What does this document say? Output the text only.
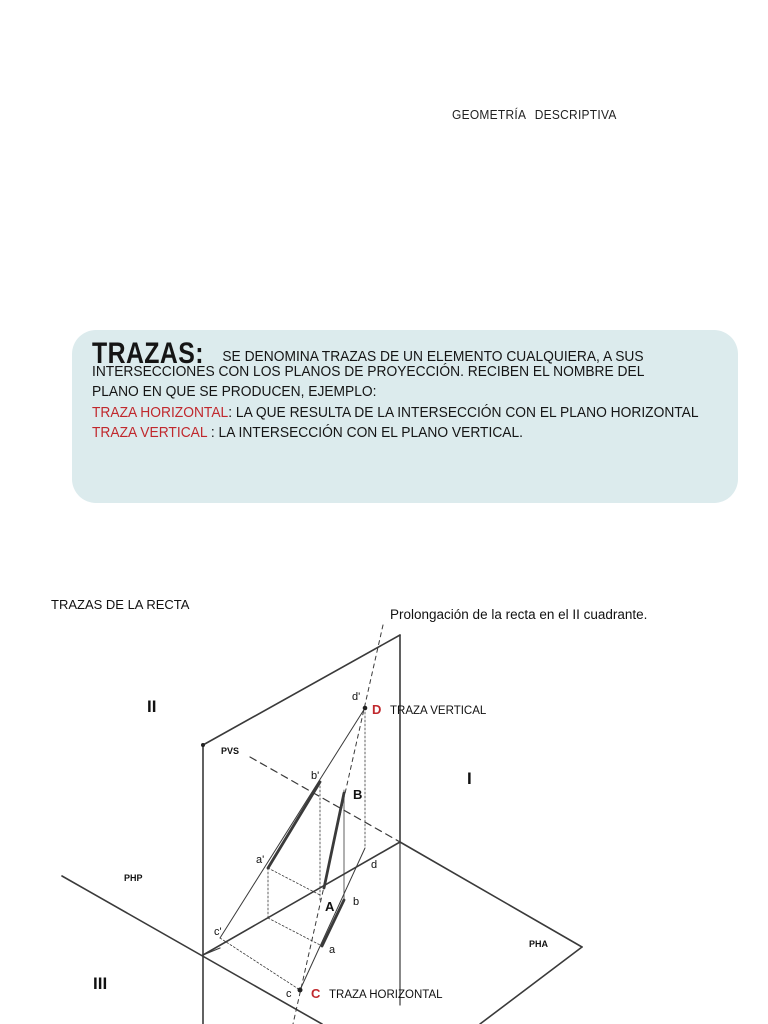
GEOMETRÍA DESCRIPTIVA
TRAZAS: SE DENOMINA TRAZAS DE UN ELEMENTO CUALQUIERA, A SUS
INTERSECCIONES CON LOS PLANOS DE PROYECCIÓN. RECIBEN EL NOMBRE DEL
PLANO EN QUE SE PRODUCEN, EJEMPLO:
TRAZA HORIZONTAL: LA QUE RESULTA DE LA INTERSECCIÓN CON EL PLANO HORIZONTAL
TRAZA VERTICAL : LA INTERSECCIÓN CON EL PLANO VERTICAL.
TRAZAS DE LA RECTA
Prolongación de la recta en el II cuadrante.
II
I
III
PVS
PHP
PHA
d'
D TRAZA VERTICAL
b'
B
a'	d
A b
c'
a
c C TRAZA HORIZONTAL
